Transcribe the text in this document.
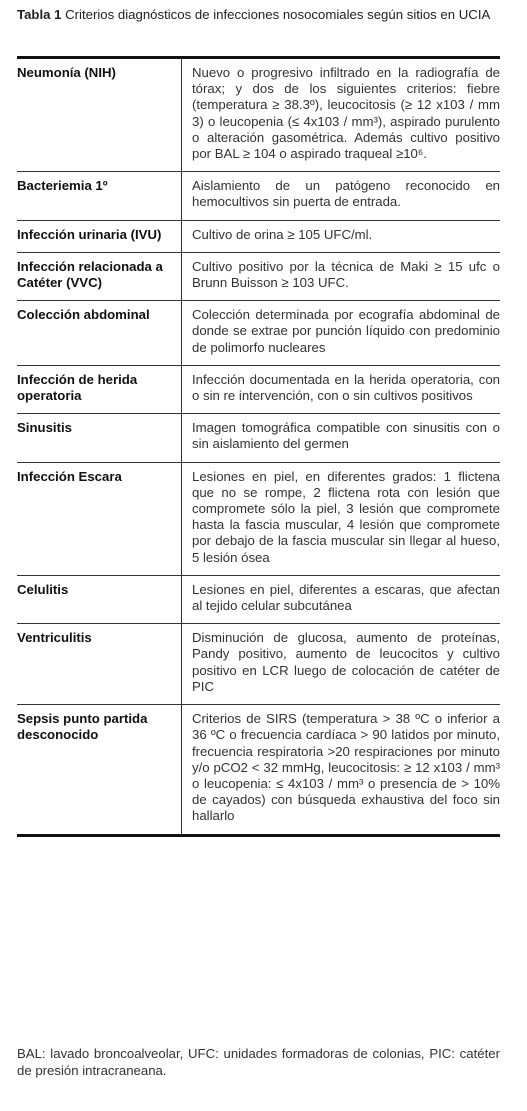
Tabla 1 Criterios diagnósticos de infecciones nosocomiales según sitios en UCIA
Neumonía (NIH)	Nuevo o progresivo infiltrado en la radiografía de tórax; y dos de los siguientes criterios: fiebre (temperatura ≥ 38.3º), leucocitosis (≥ 12 x103 / mm 3) o leucopenia (≤ 4x103 / mm³), aspirado purulento o alteración gasométrica. Además cultivo positivo por BAL ≥ 104 o aspirado traqueal ≥10⁶.
Bacteriemia 1º	Aislamiento de un patógeno reconocido en hemocultivos sin puerta de entrada.
Infección urinaria (IVU)	Cultivo de orina ≥ 105 UFC/ml.
Infección relacionada a Catéter (VVC)	Cultivo positivo por la técnica de Maki ≥ 15 ufc o Brunn Buisson ≥ 103 UFC.
Colección abdominal	Colección determinada por ecografía abdominal de donde se extrae por punción líquido con predominio de polimorfo nucleares
Infección de herida operatoria	Infección documentada en la herida operatoria, con o sin re intervención, con o sin cultivos positivos
Sinusitis	Imagen tomográfica compatible con sinusitis con o sin aislamiento del germen
Infección Escara	Lesiones en piel, en diferentes grados: 1 flictena que no se rompe, 2 flictena rota con lesión que compromete sólo la piel, 3 lesión que compromete hasta la fascia muscular, 4 lesión que compromete por debajo de la fascia muscular sin llegar al hueso, 5 lesión ósea
Celulitis	Lesiones en piel, diferentes a escaras, que afectan al tejido celular subcutánea
Ventriculitis	Disminución de glucosa, aumento de proteínas, Pandy positivo, aumento de leucocitos y cultivo positivo en LCR luego de colocación de catéter de PIC
Sepsis punto partida desconocido	Criterios de SIRS (temperatura > 38 ºC o inferior a 36 ºC o frecuencia cardíaca > 90 latidos por minuto, frecuencia respiratoria >20 respiraciones por minuto y/o pCO2 < 32 mmHg, leucocitosis: ≥ 12 x103 / mm³ o leucopenia: ≤ 4x103 / mm³ o presencia de > 10% de cayados) con búsqueda exhaustiva del foco sin hallarlo
BAL: lavado broncoalveolar, UFC: unidades formadoras de colonias, PIC: catéter de presión intracraneana.
